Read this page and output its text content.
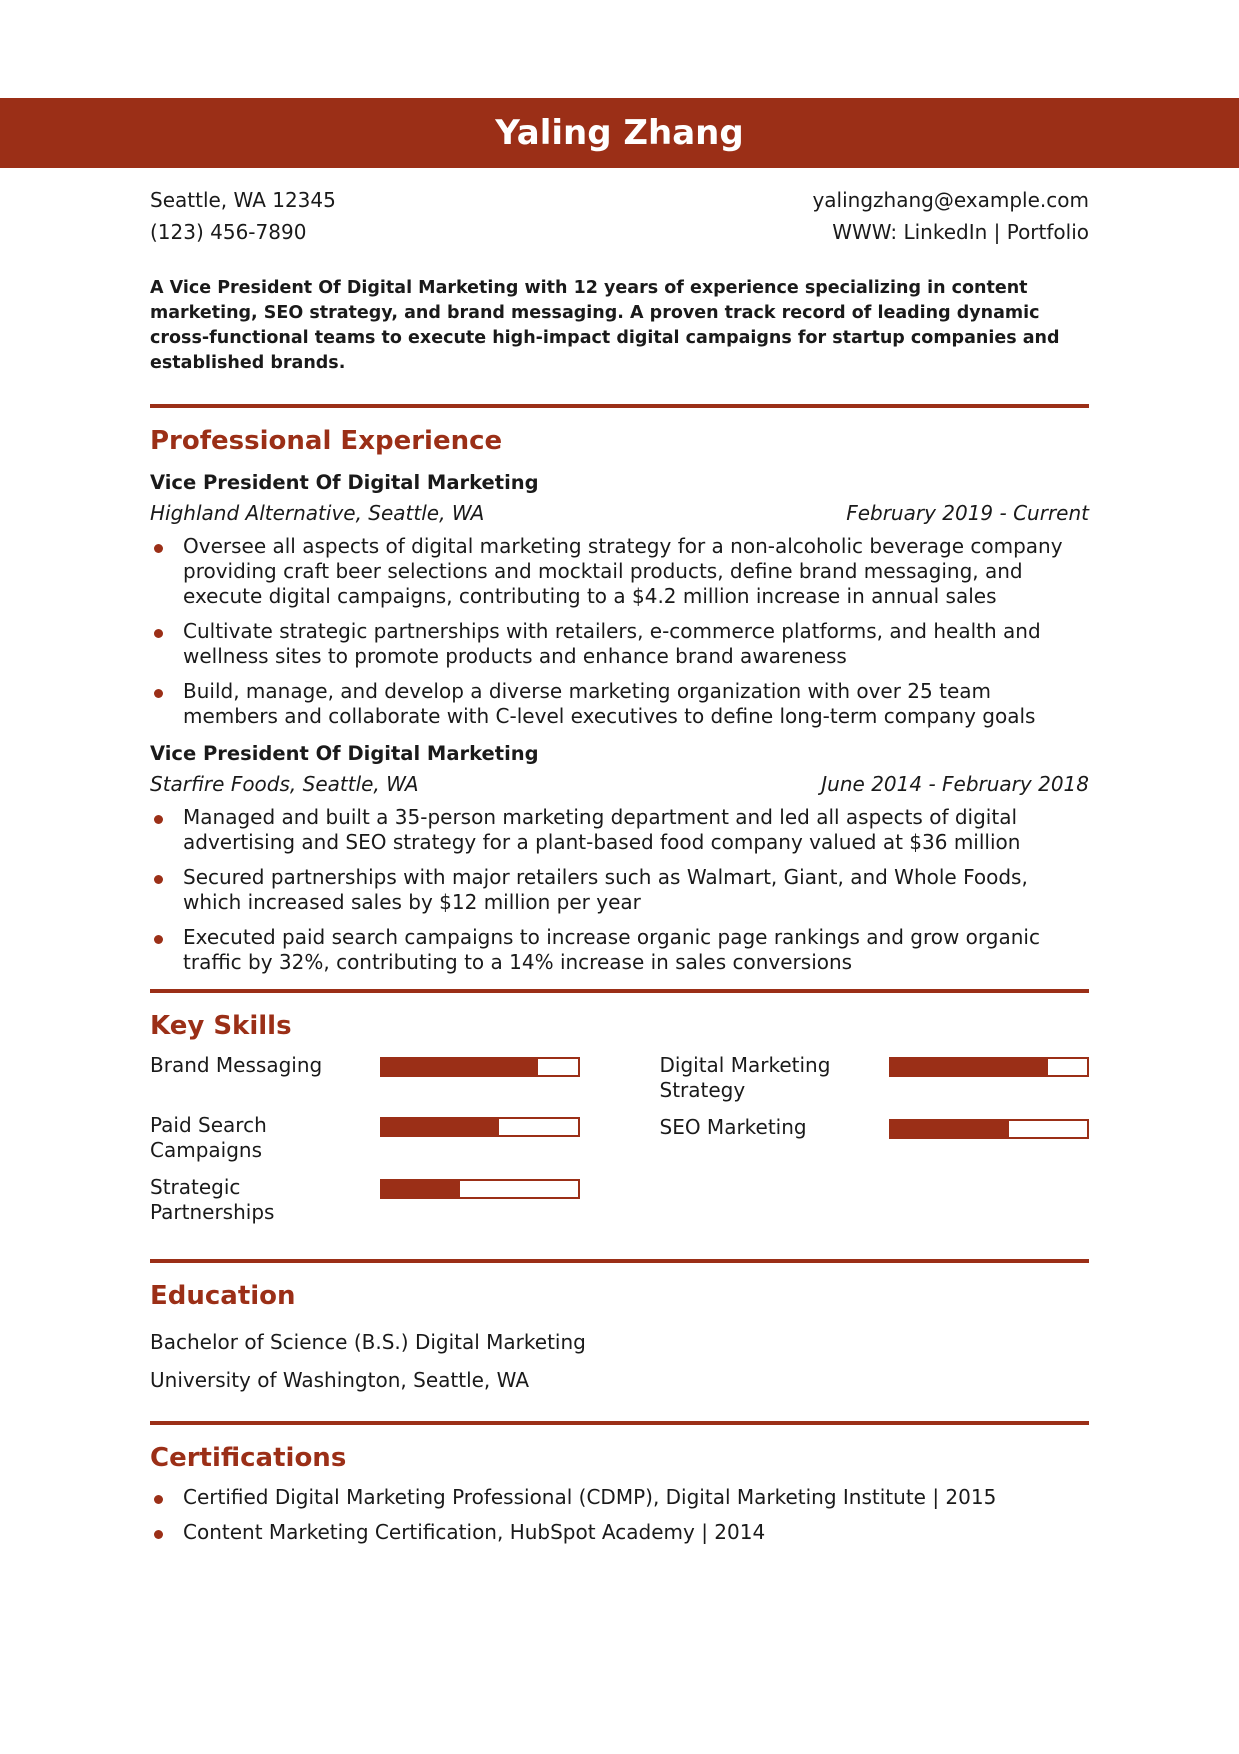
Yaling Zhang
Seattle, WA 12345
(123) 456-7890
yalingzhang@example.com
WWW: LinkedIn | Portfolio
A Vice President Of Digital Marketing with 12 years of experience specializing in content marketing, SEO strategy, and brand messaging. A proven track record of leading dynamic cross-functional teams to execute high-impact digital campaigns for startup companies and established brands.
Professional Experience
Vice President Of Digital Marketing
Highland Alternative, Seattle, WA	February 2019 - Current
Oversee all aspects of digital marketing strategy for a non-alcoholic beverage company providing craft beer selections and mocktail products, define brand messaging, and execute digital campaigns, contributing to a $4.2 million increase in annual sales
Cultivate strategic partnerships with retailers, e-commerce platforms, and health and wellness sites to promote products and enhance brand awareness
Build, manage, and develop a diverse marketing organization with over 25 team members and collaborate with C-level executives to define long-term company goals
Vice President Of Digital Marketing
Starfire Foods, Seattle, WA	June 2014 - February 2018
Managed and built a 35-person marketing department and led all aspects of digital advertising and SEO strategy for a plant-based food company valued at $36 million
Secured partnerships with major retailers such as Walmart, Giant, and Whole Foods, which increased sales by $12 million per year
Executed paid search campaigns to increase organic page rankings and grow organic traffic by 32%, contributing to a 14% increase in sales conversions
Key Skills
Brand Messaging
Paid Search Campaigns
Strategic Partnerships
Digital Marketing Strategy
SEO Marketing
Education
Bachelor of Science (B.S.) Digital Marketing
University of Washington, Seattle, WA
Certifications
Certified Digital Marketing Professional (CDMP), Digital Marketing Institute | 2015
Content Marketing Certification, HubSpot Academy | 2014
